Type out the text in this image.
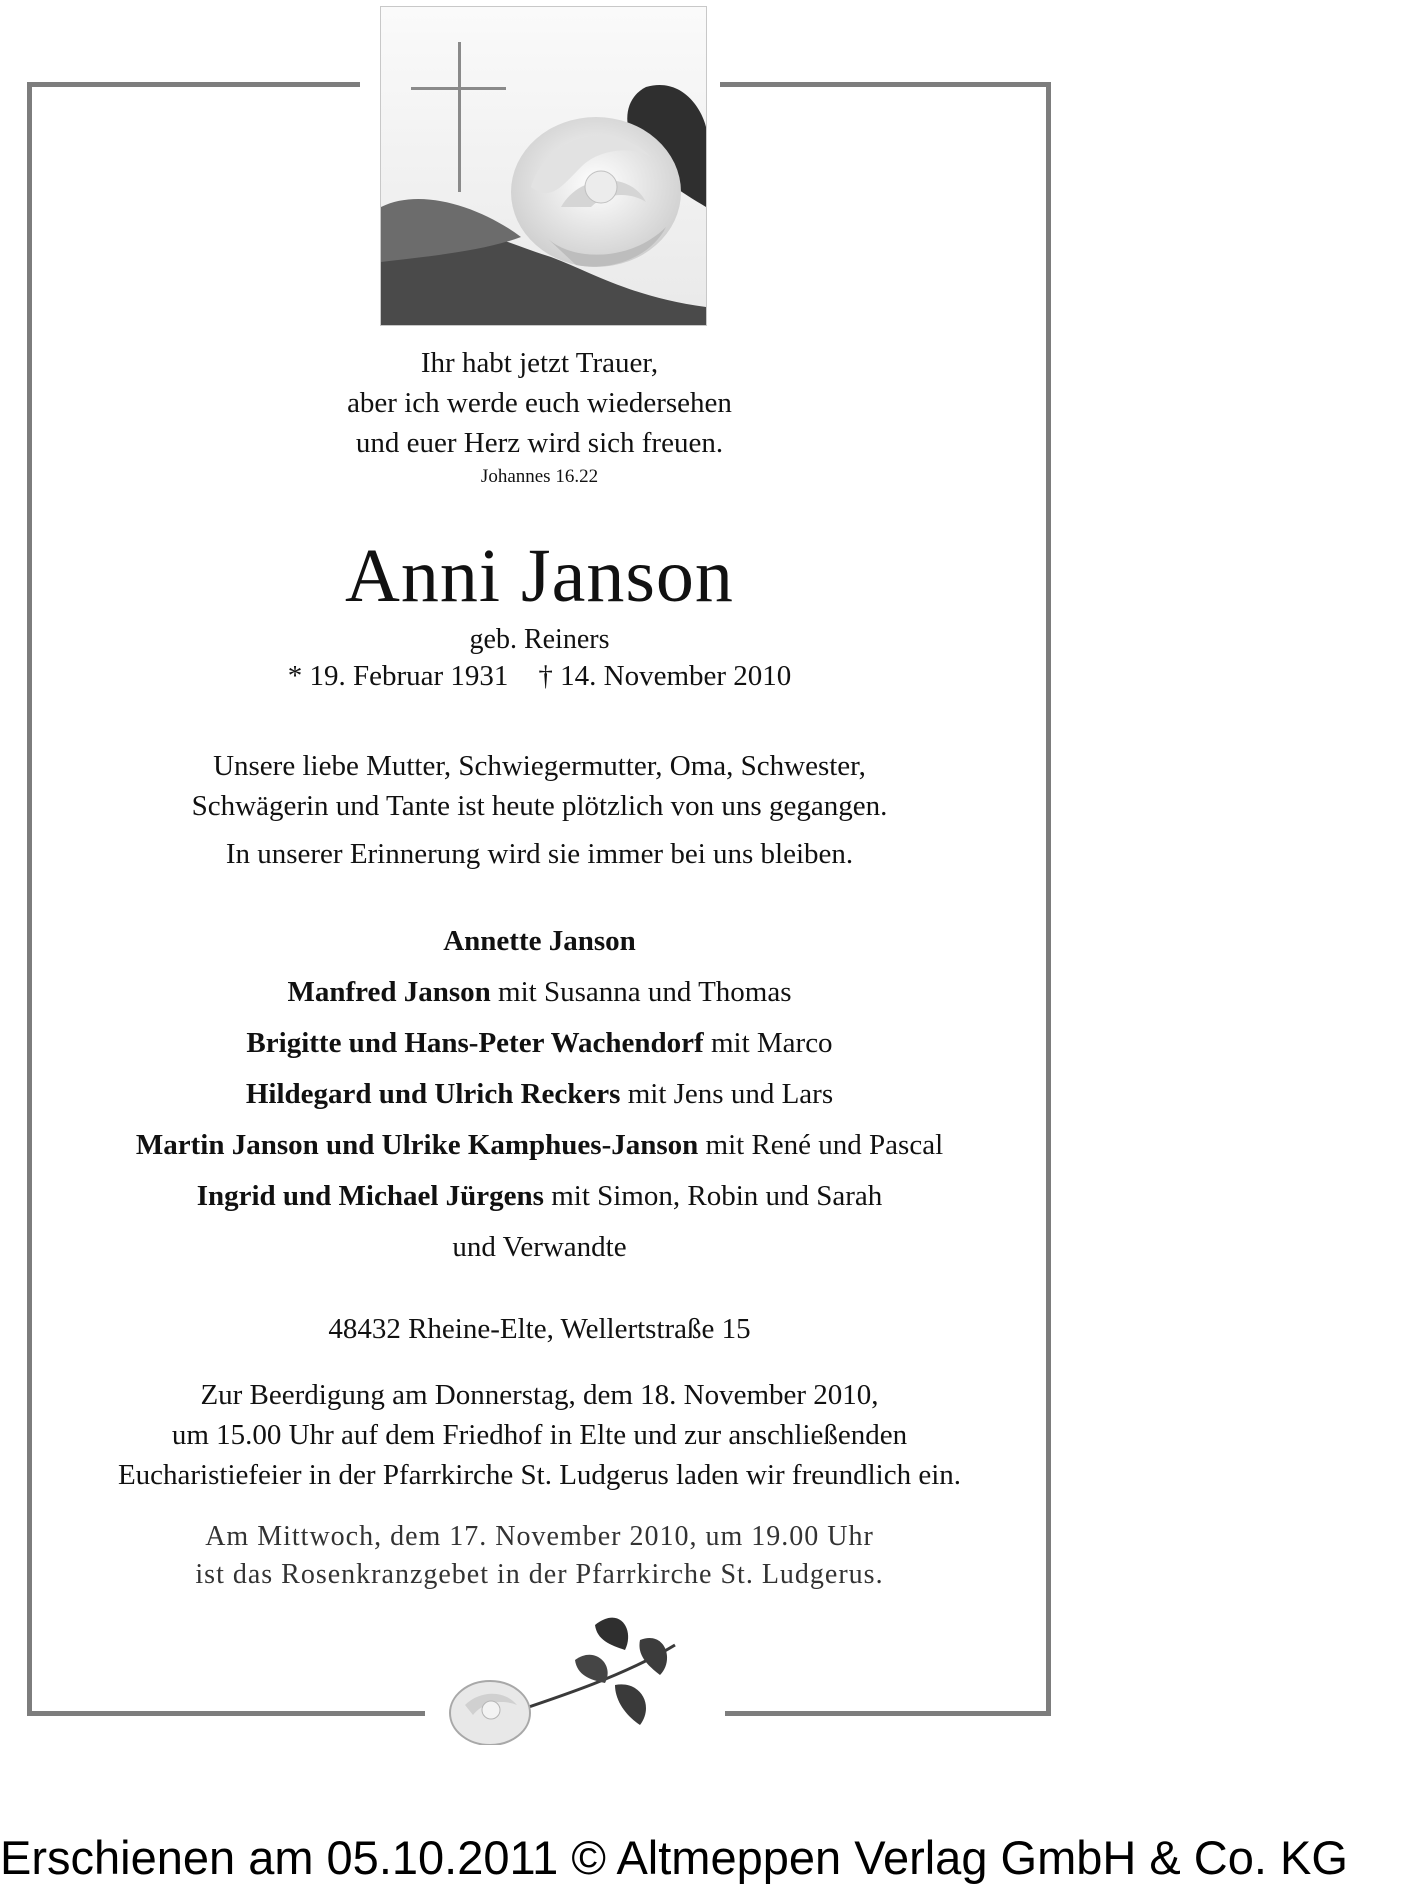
Ihr habt jetzt Trauer,
aber ich werde euch wiedersehen
und euer Herz wird sich freuen.
Johannes 16.22
Anni Janson
geb. Reiners
* 19. Februar 1931 † 14. November 2010
Unsere liebe Mutter, Schwiegermutter, Oma, Schwester,
Schwägerin und Tante ist heute plötzlich von uns gegangen.
In unserer Erinnerung wird sie immer bei uns bleiben.
Annette Janson
Manfred Janson mit Susanna und Thomas
Brigitte und Hans-Peter Wachendorf mit Marco
Hildegard und Ulrich Reckers mit Jens und Lars
Martin Janson und Ulrike Kamphues-Janson mit René und Pascal
Ingrid und Michael Jürgens mit Simon, Robin und Sarah
und Verwandte
48432 Rheine-Elte, Wellertstraße 15
Zur Beerdigung am Donnerstag, dem 18. November 2010,
um 15.00 Uhr auf dem Friedhof in Elte und zur anschließenden
Eucharistiefeier in der Pfarrkirche St. Ludgerus laden wir freundlich ein.
Am Mittwoch, dem 17. November 2010, um 19.00 Uhr
ist das Rosenkranzgebet in der Pfarrkirche St. Ludgerus.
Erschienen am 05.10.2011 © Altmeppen Verlag GmbH & Co. KG
